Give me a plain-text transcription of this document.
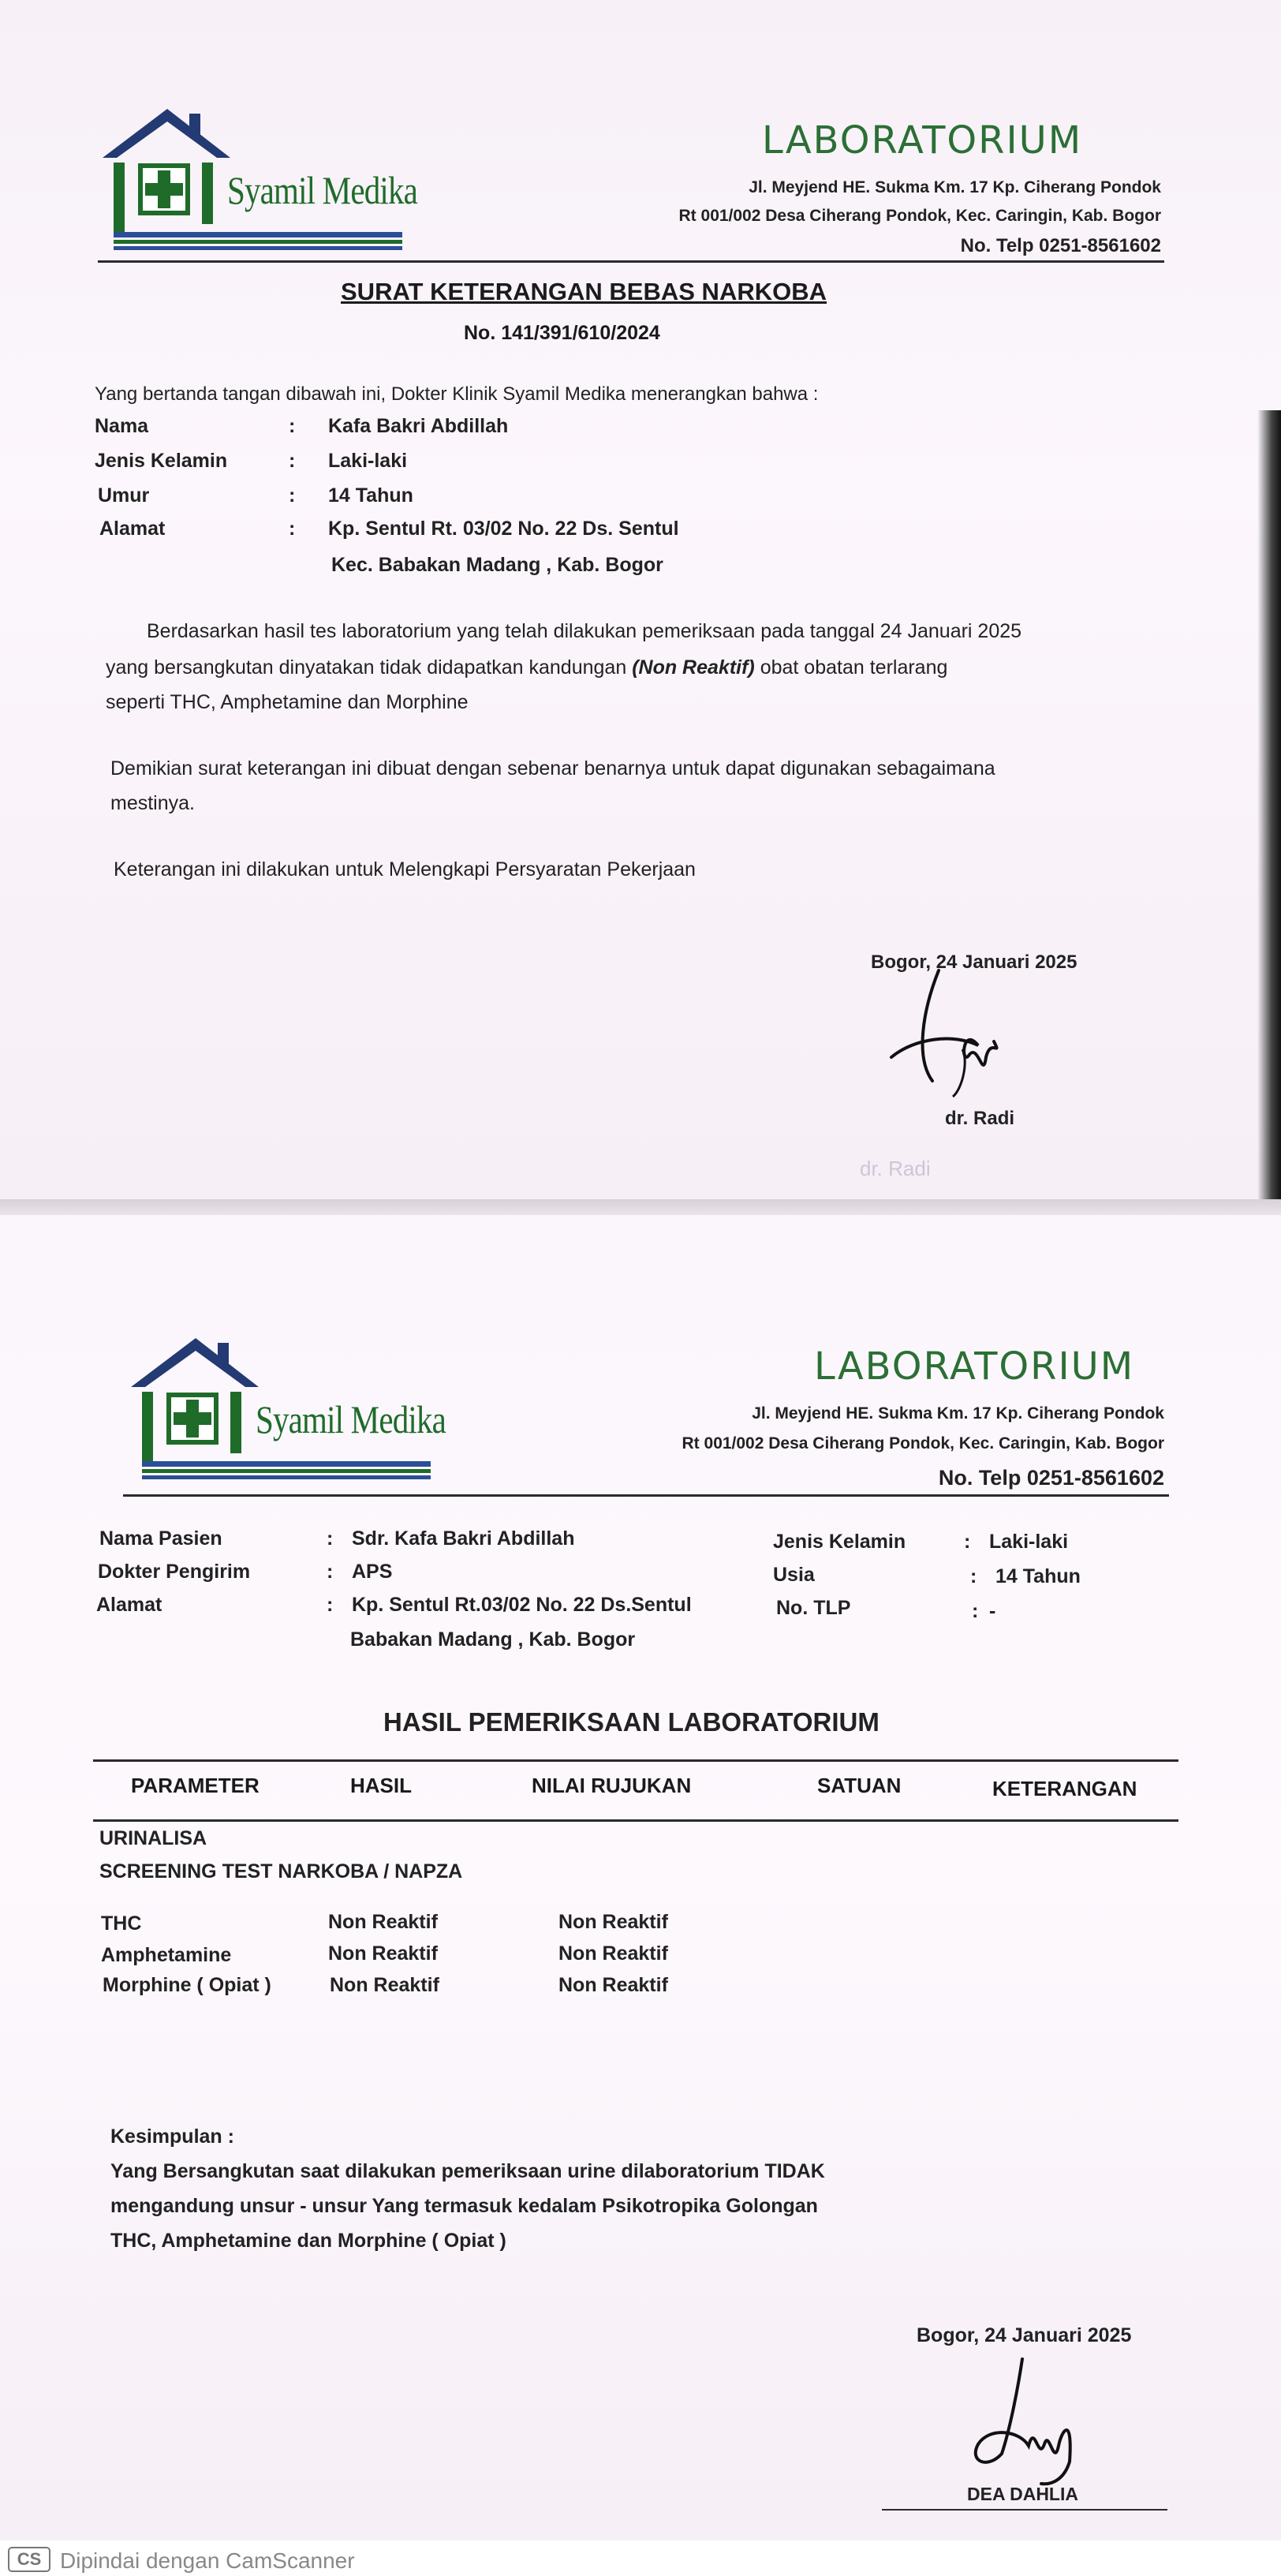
Syamil Medika
LABORATORIUM
Jl. Meyjend HE. Sukma Km. 17 Kp. Ciherang Pondok
Rt 001/002 Desa Ciherang Pondok, Kec. Caringin, Kab. Bogor
No. Telp 0251-8561602
SURAT KETERANGAN BEBAS NARKOBA
No. 141/391/610/2024
Yang bertanda tangan dibawah ini, Dokter Klinik Syamil Medika menerangkan bahwa :
Nama	: Kafa Bakri Abdillah
Jenis Kelamin	: Laki-laki
Umur	: 14 Tahun
Alamat	: Kp. Sentul Rt. 03/02 No. 22 Ds. Sentul
Kec. Babakan Madang , Kab. Bogor
Berdasarkan hasil tes laboratorium yang telah dilakukan pemeriksaan pada tanggal 24 Januari 2025
yang bersangkutan dinyatakan tidak didapatkan kandungan (Non Reaktif) obat obatan terlarang
seperti THC, Amphetamine dan Morphine
Demikian surat keterangan ini dibuat dengan sebenar benarnya untuk dapat digunakan sebagaimana
mestinya.
Keterangan ini dilakukan untuk Melengkapi Persyaratan Pekerjaan
Bogor, 24 Januari 2025
dr. Radi
dr. Radi
Syamil Medika
LABORATORIUM
Jl. Meyjend HE. Sukma Km. 17 Kp. Ciherang Pondok
Rt 001/002 Desa Ciherang Pondok, Kec. Caringin, Kab. Bogor
No. Telp 0251-8561602
Nama Pasien	: Sdr. Kafa Bakri Abdillah
Dokter Pengirim	: APS
Alamat	: Kp. Sentul Rt.03/02 No. 22 Ds.Sentul
Babakan Madang , Kab. Bogor
Jenis Kelamin	: Laki-laki
Usia	: 14 Tahun
No. TLP	: -
HASIL PEMERIKSAAN LABORATORIUM
PARAMETER	HASIL	NILAI RUJUKAN	SATUAN	KETERANGAN
URINALISA
SCREENING TEST NARKOBA / NAPZA
THC	Non Reaktif	Non Reaktif
Amphetamine	Non Reaktif	Non Reaktif
Morphine ( Opiat )	Non Reaktif	Non Reaktif
Kesimpulan :
Yang Bersangkutan saat dilakukan pemeriksaan urine dilaboratorium TIDAK
mengandung unsur - unsur Yang termasuk kedalam Psikotropika Golongan
THC, Amphetamine dan Morphine ( Opiat )
Bogor, 24 Januari 2025
DEA DAHLIA
CS Dipindai dengan CamScanner
